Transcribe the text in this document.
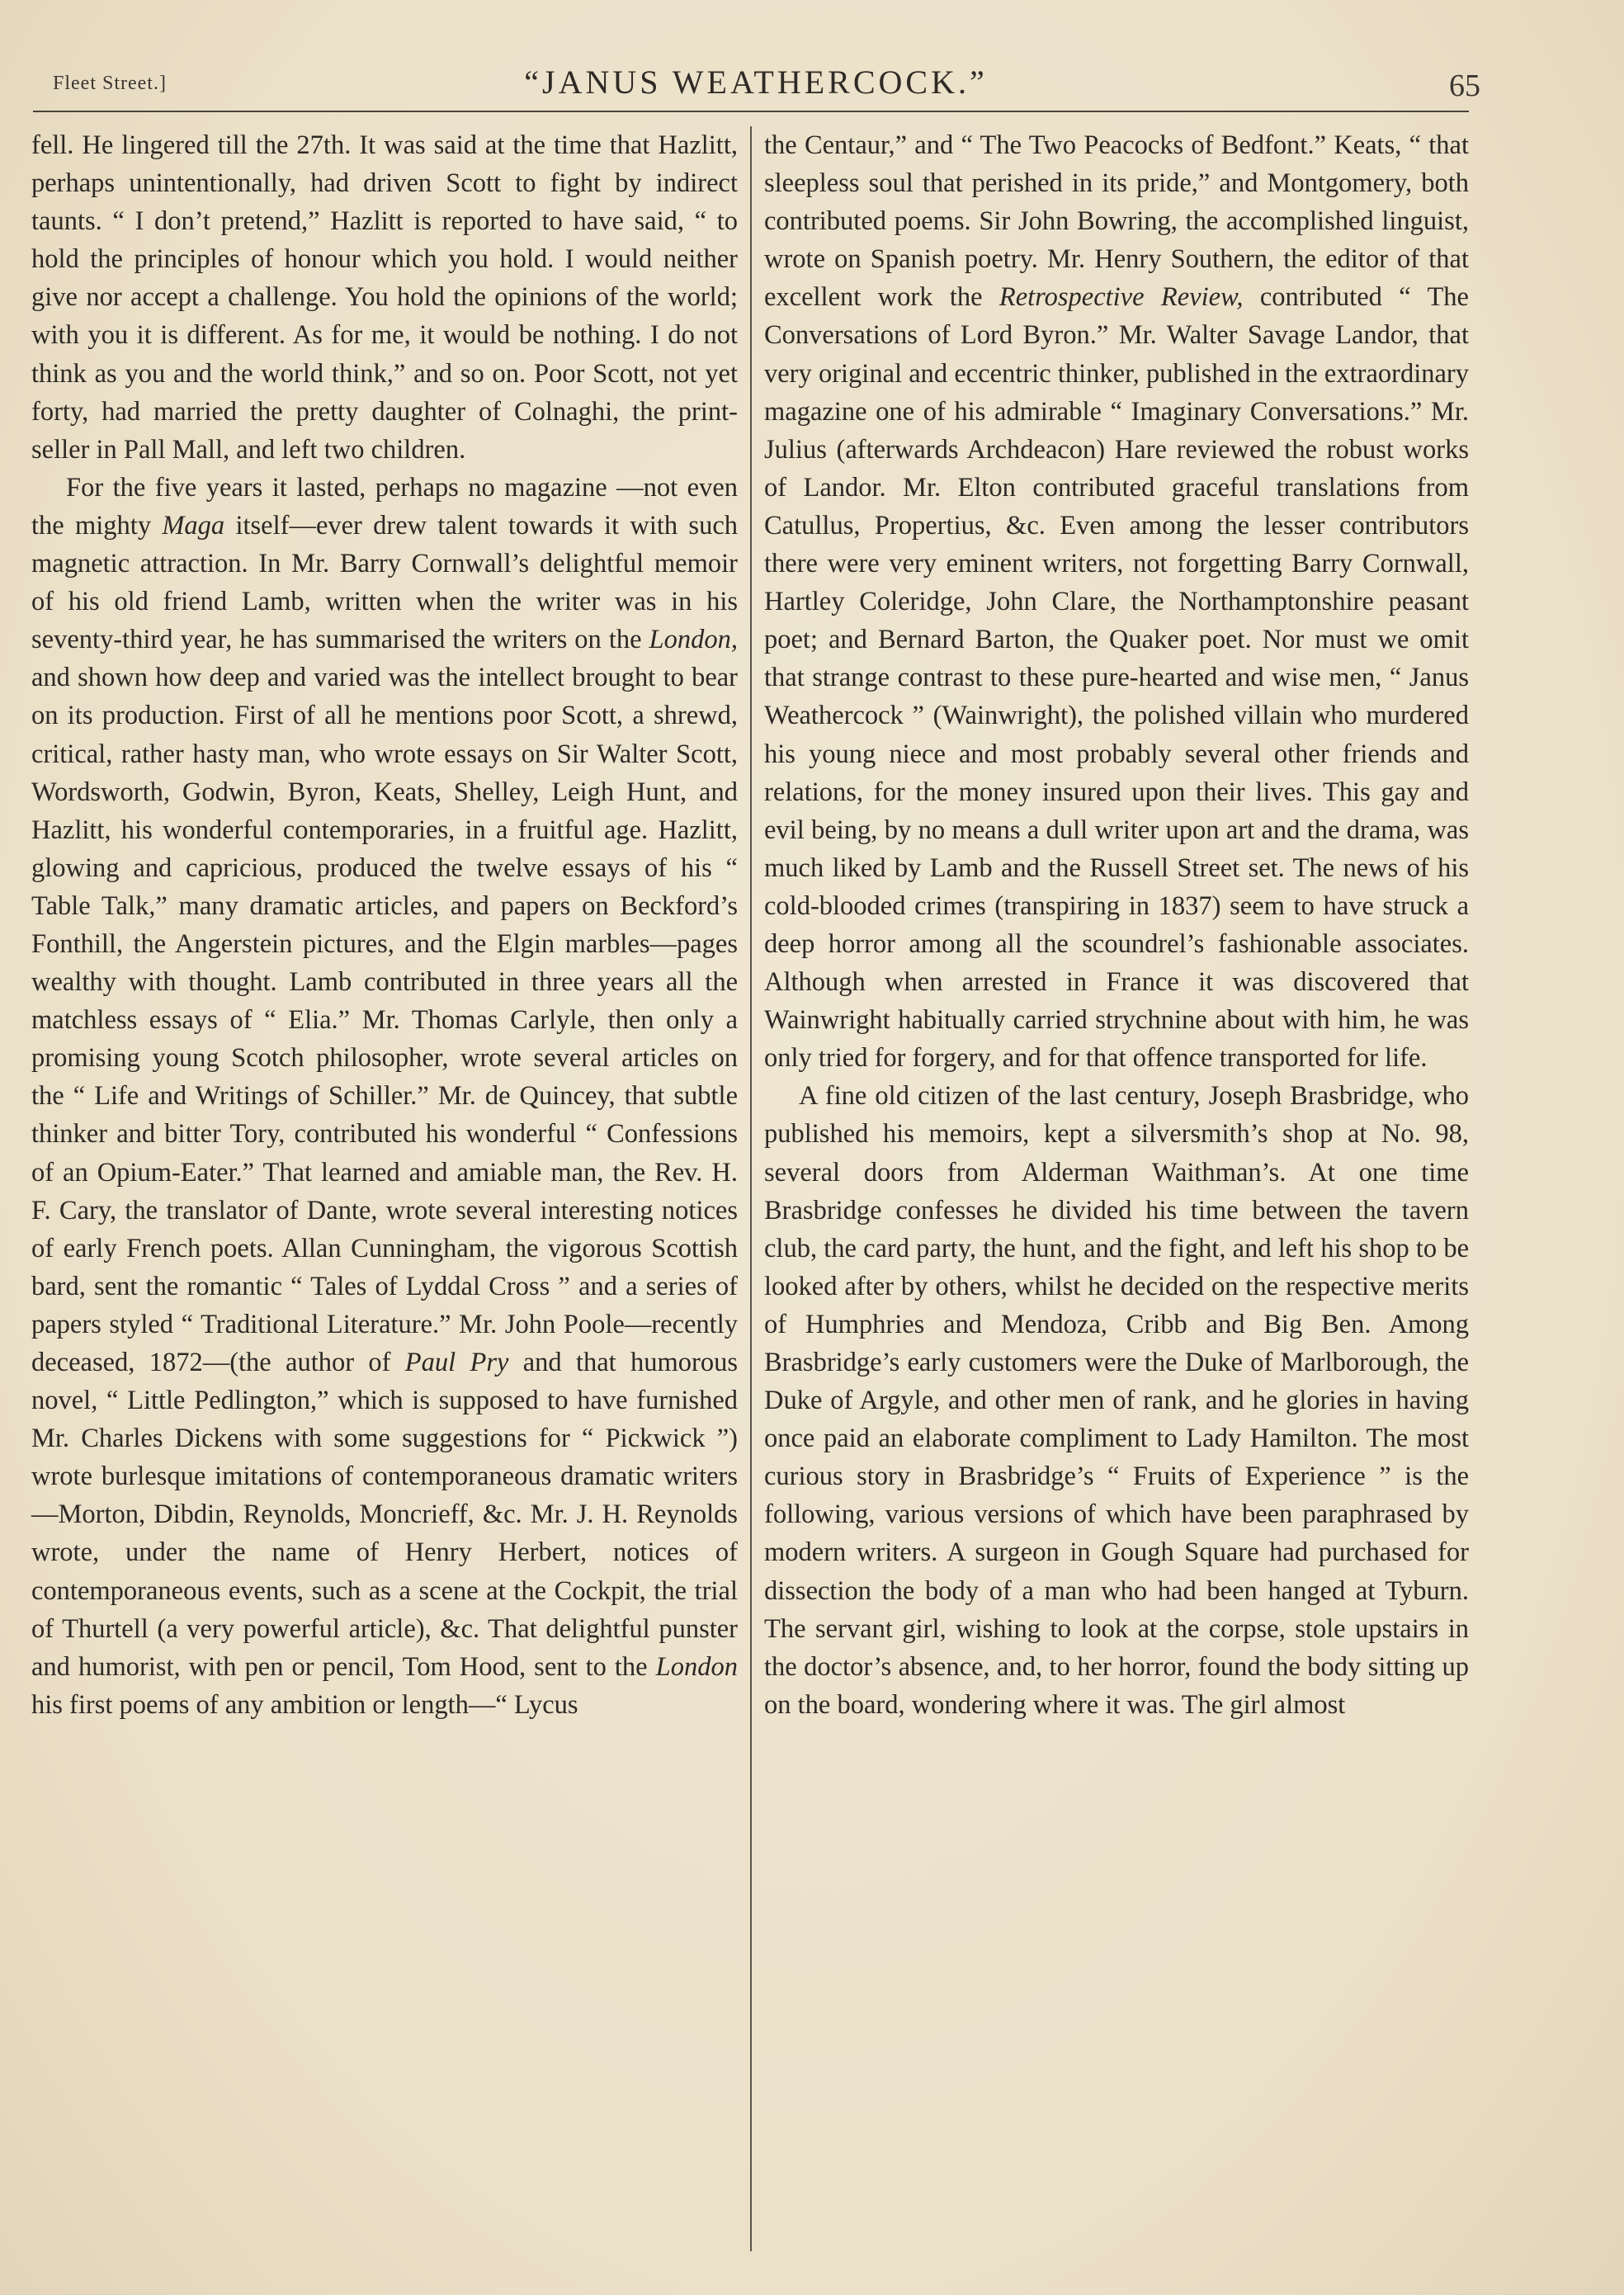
Fleet Street.]	“JANUS WEATHERCOCK.”	65

fell. He lingered till the 27th. It was said at the time that Hazlitt, perhaps unintentionally, had driven Scott to fight by indirect taunts. “ I don’t pretend,” Hazlitt is reported to have said, “ to hold the principles of honour which you hold. I would neither give nor accept a challenge. You hold the opinions of the world; with you it is different. As for me, it would be nothing. I do not think as you and the world think,” and so on. Poor Scott, not yet forty, had married the pretty daughter of Colnaghi, the print-seller in Pall Mall, and left two children.

For the five years it lasted, perhaps no magazine —not even the mighty Maga itself—ever drew talent towards it with such magnetic attraction. In Mr. Barry Cornwall’s delightful memoir of his old friend Lamb, written when the writer was in his seventy-third year, he has summarised the writers on the London, and shown how deep and varied was the intellect brought to bear on its production. First of all he mentions poor Scott, a shrewd, critical, rather hasty man, who wrote essays on Sir Walter Scott, Wordsworth, Godwin, Byron, Keats, Shelley, Leigh Hunt, and Hazlitt, his wonderful contemporaries, in a fruitful age. Hazlitt, glowing and capricious, produced the twelve essays of his “ Table Talk,” many dramatic articles, and papers on Beckford’s Fonthill, the Angerstein pictures, and the Elgin marbles—pages wealthy with thought. Lamb contributed in three years all the matchless essays of “ Elia.” Mr. Thomas Carlyle, then only a promising young Scotch philosopher, wrote several articles on the “ Life and Writings of Schiller.” Mr. de Quincey, that subtle thinker and bitter Tory, contributed his wonderful “ Confessions of an Opium-Eater.” That learned and amiable man, the Rev. H. F. Cary, the translator of Dante, wrote several interesting notices of early French poets. Allan Cunningham, the vigorous Scottish bard, sent the romantic “ Tales of Lyddal Cross ” and a series of papers styled “ Traditional Literature.” Mr. John Poole—recently deceased, 1872—(the author of Paul Pry and that humorous novel, “ Little Pedlington,” which is supposed to have furnished Mr. Charles Dickens with some suggestions for “ Pickwick ”) wrote burlesque imitations of contemporaneous dramatic writers—Morton, Dibdin, Reynolds, Moncrieff, &c. Mr. J. H. Reynolds wrote, under the name of Henry Herbert, notices of contemporaneous events, such as a scene at the Cockpit, the trial of Thurtell (a very powerful article), &c. That delightful punster and humorist, with pen or pencil, Tom Hood, sent to the London his first poems of any ambition or length—“ Lycus

the Centaur,” and “ The Two Peacocks of Bedfont.” Keats, “ that sleepless soul that perished in its pride,” and Montgomery, both contributed poems. Sir John Bowring, the accomplished linguist, wrote on Spanish poetry. Mr. Henry Southern, the editor of that excellent work the Retrospective Review, contributed “ The Conversations of Lord Byron.” Mr. Walter Savage Landor, that very original and eccentric thinker, published in the extraordinary magazine one of his admirable “ Imaginary Conversations.” Mr. Julius (afterwards Archdeacon) Hare reviewed the robust works of Landor. Mr. Elton contributed graceful translations from Catullus, Propertius, &c. Even among the lesser contributors there were very eminent writers, not forgetting Barry Cornwall, Hartley Coleridge, John Clare, the Northamptonshire peasant poet; and Bernard Barton, the Quaker poet. Nor must we omit that strange contrast to these pure-hearted and wise men, “ Janus Weathercock ” (Wainwright), the polished villain who murdered his young niece and most probably several other friends and relations, for the money insured upon their lives. This gay and evil being, by no means a dull writer upon art and the drama, was much liked by Lamb and the Russell Street set. The news of his cold-blooded crimes (transpiring in 1837) seem to have struck a deep horror among all the scoundrel’s fashionable associates. Although when arrested in France it was discovered that Wainwright habitually carried strychnine about with him, he was only tried for forgery, and for that offence transported for life.

A fine old citizen of the last century, Joseph Brasbridge, who published his memoirs, kept a silversmith’s shop at No. 98, several doors from Alderman Waithman’s. At one time Brasbridge confesses he divided his time between the tavern club, the card party, the hunt, and the fight, and left his shop to be looked after by others, whilst he decided on the respective merits of Humphries and Mendoza, Cribb and Big Ben. Among Brasbridge’s early customers were the Duke of Marlborough, the Duke of Argyle, and other men of rank, and he glories in having once paid an elaborate compliment to Lady Hamilton. The most curious story in Brasbridge’s “ Fruits of Experience ” is the following, various versions of which have been paraphrased by modern writers. A surgeon in Gough Square had purchased for dissection the body of a man who had been hanged at Tyburn. The servant girl, wishing to look at the corpse, stole upstairs in the doctor’s absence, and, to her horror, found the body sitting up on the board, wondering where it was. The girl almost
